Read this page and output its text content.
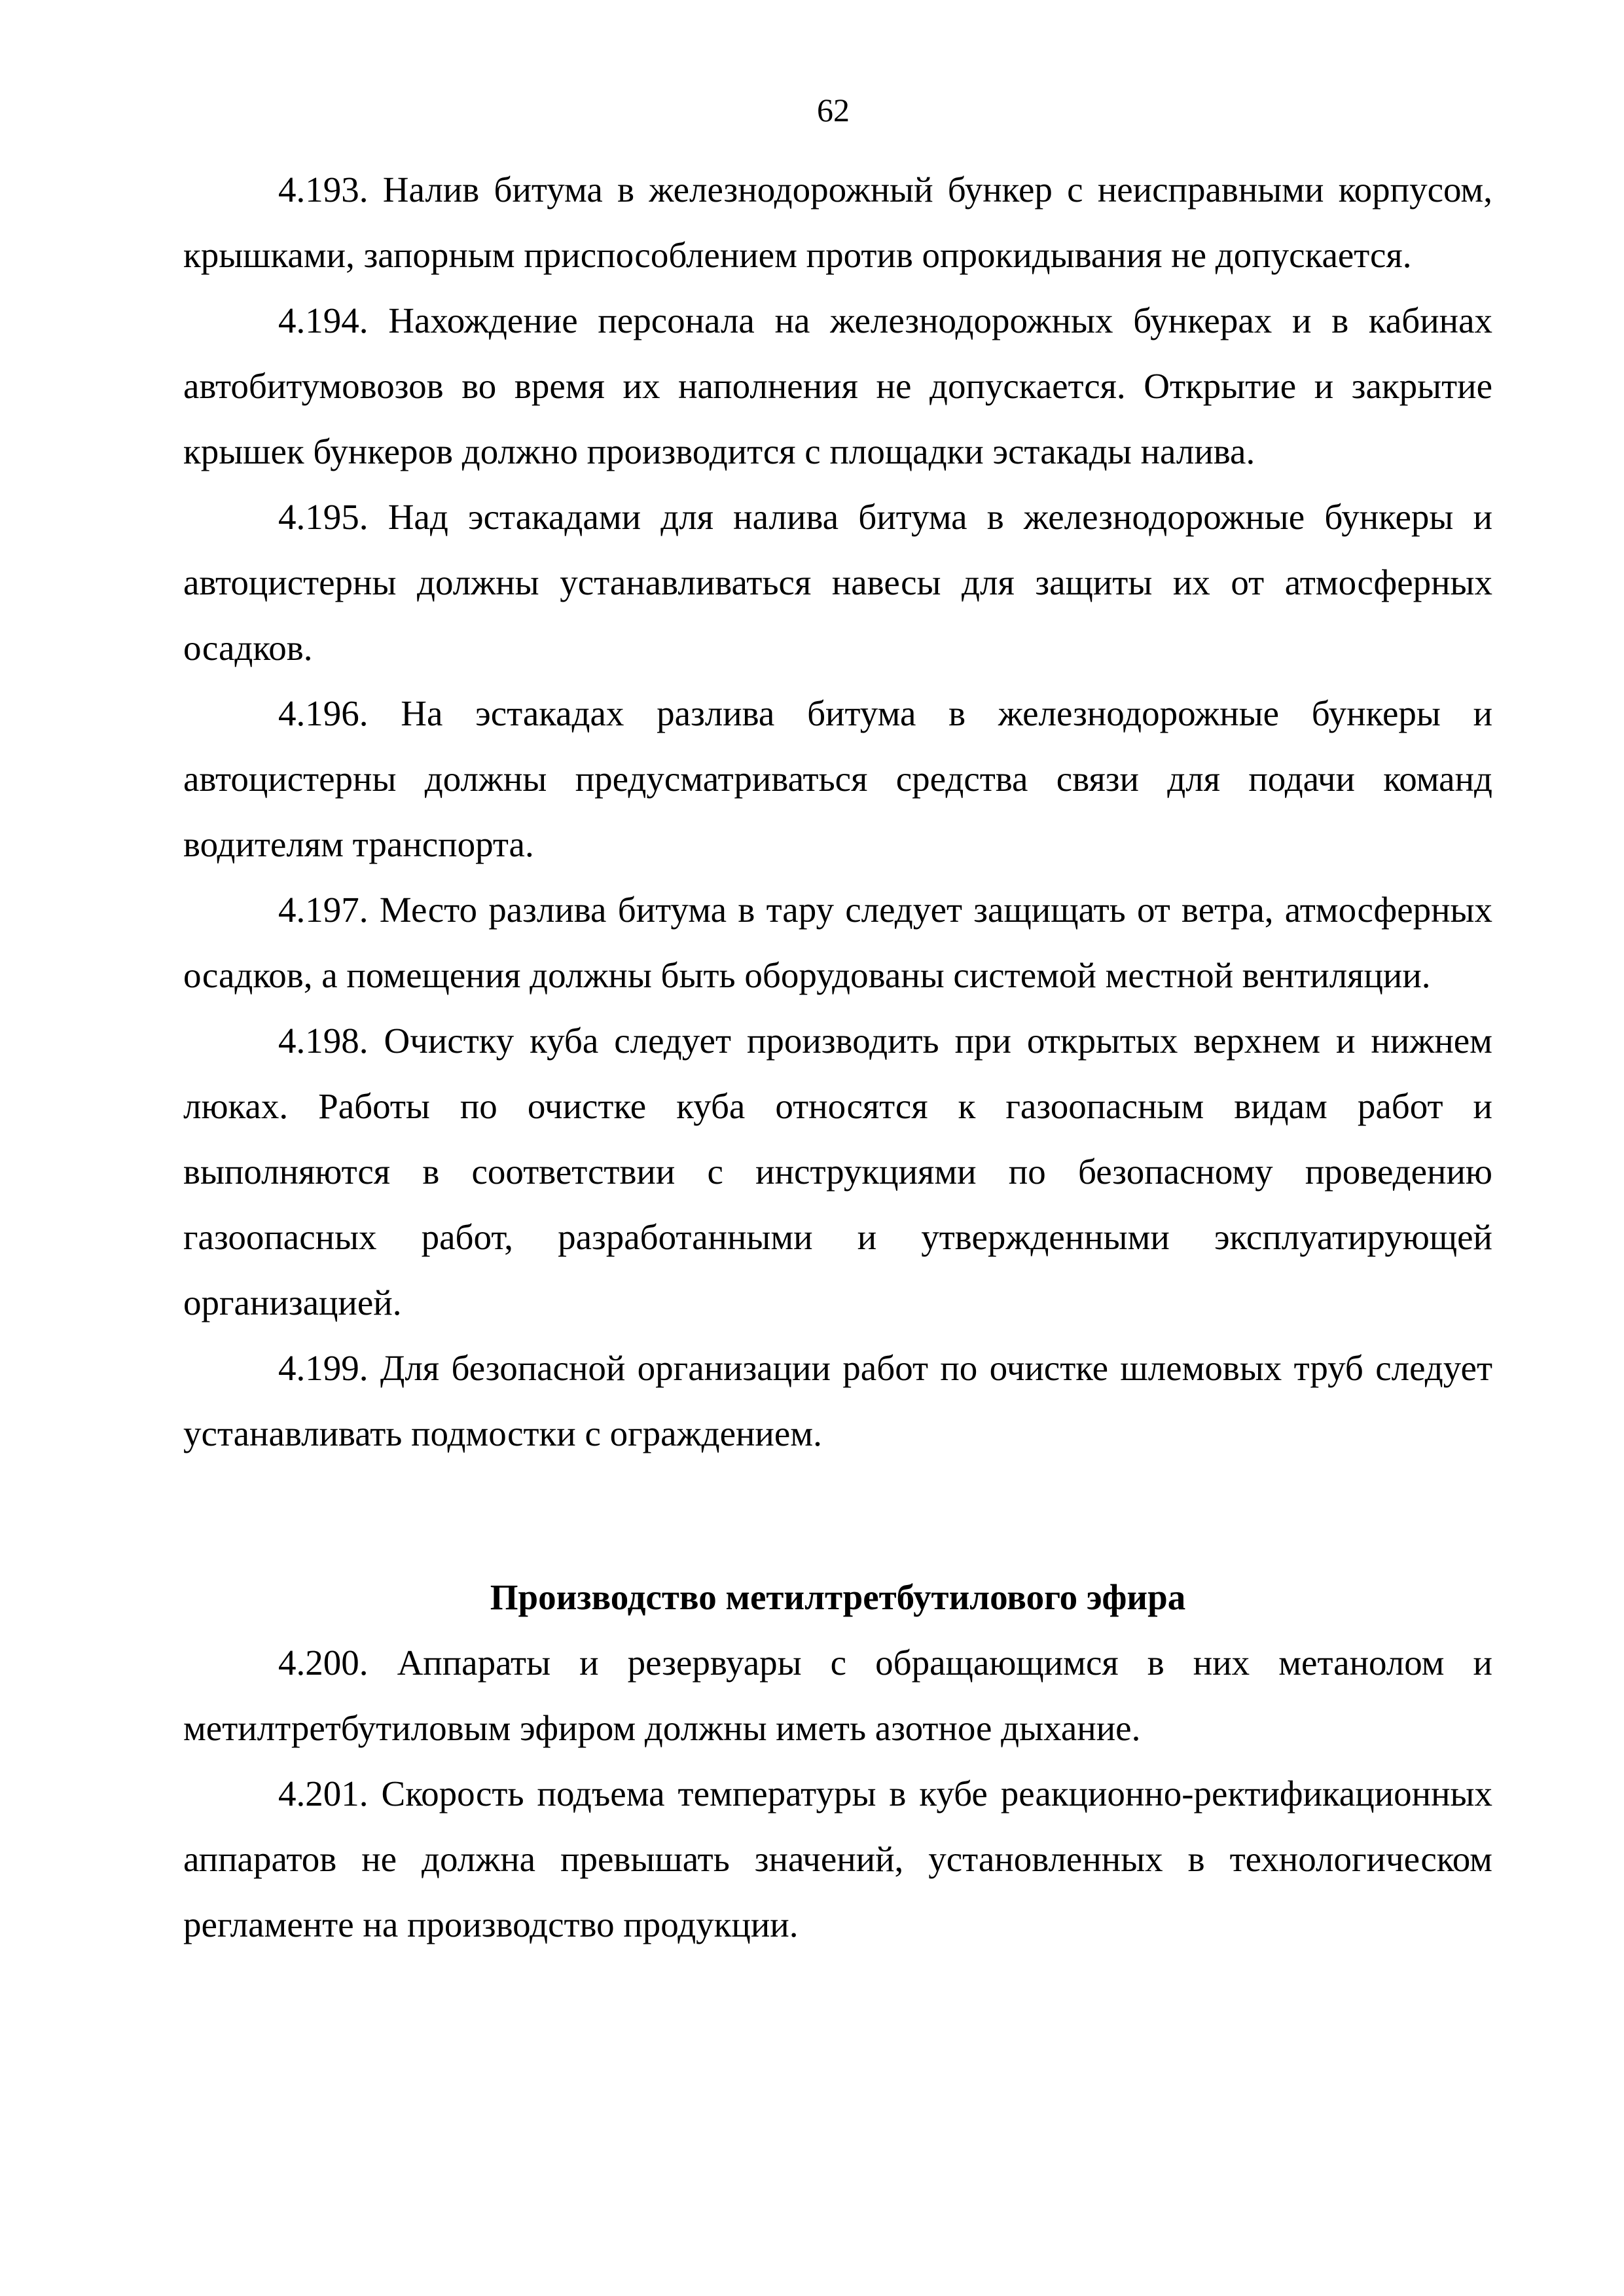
62

4.193. Налив битума в железнодорожный бункер с неисправными корпусом, крышками, запорным приспособлением против опрокидывания не допускается.

4.194. Нахождение персонала на железнодорожных бункерах и в кабинах автобитумовозов во время их наполнения не допускается. Открытие и закрытие крышек бункеров должно производится с площадки эстакады налива.

4.195. Над эстакадами для налива битума в железнодорожные бункеры и автоцистерны должны устанавливаться навесы для защиты их от атмосферных осадков.

4.196. На эстакадах разлива битума в железнодорожные бункеры и автоцистерны должны предусматриваться средства связи для подачи команд водителям транспорта.

4.197. Место разлива битума в тару следует защищать от ветра, атмосферных осадков, а помещения должны быть оборудованы системой местной вентиляции.

4.198. Очистку куба следует производить при открытых верхнем и нижнем люках. Работы по очистке куба относятся к газоопасным видам работ и выполняются в соответствии с инструкциями по безопасному проведению газоопасных работ, разработанными и утвержденными эксплуатирующей организацией.

4.199. Для безопасной организации работ по очистке шлемовых труб следует устанавливать подмостки с ограждением.

Производство метилтретбутилового эфира

4.200. Аппараты и резервуары с обращающимся в них метанолом и метилтретбутиловым эфиром должны иметь азотное дыхание.

4.201. Скорость подъема температуры в кубе реакционно-ректификационных аппаратов не должна превышать значений, установленных в технологическом регламенте на производство продукции.
